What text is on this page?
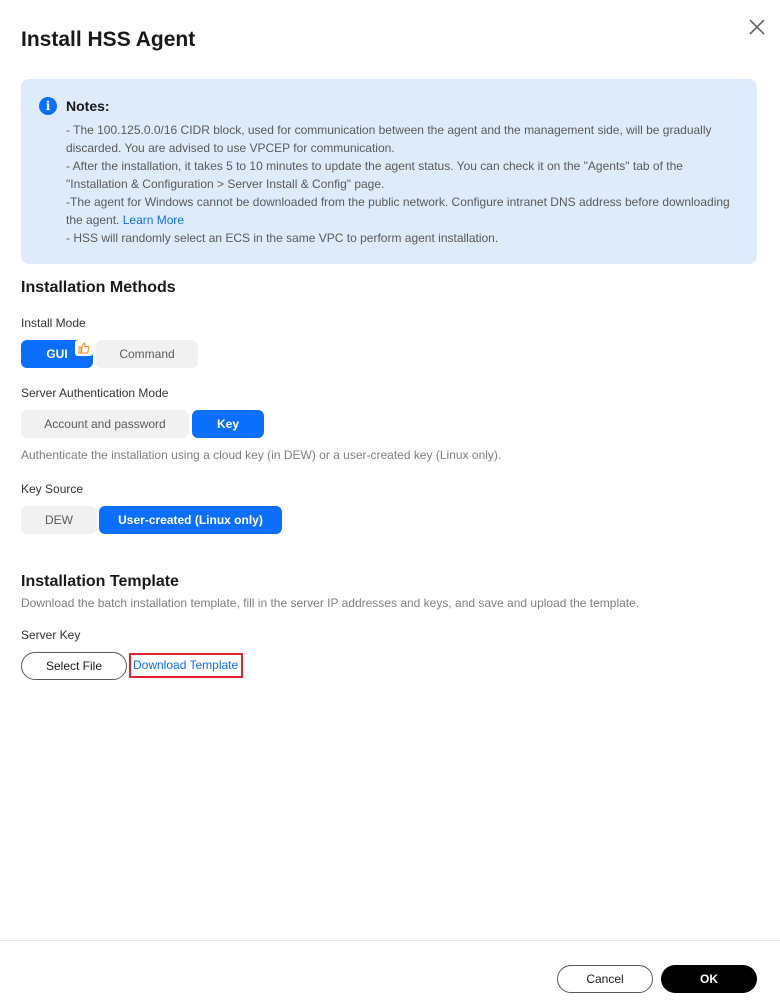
Install HSS Agent
i	Notes:

- The 100.125.0.0/16 CIDR block, used for communication between the agent and the management side, will be gradually discarded. You are advised to use VPCEP for communication.

- After the installation, it takes 5 to 10 minutes to update the agent status. You can check it on the "Agents" tab of the "Installation & Configuration > Server Install & Config" page.

-The agent for Windows cannot be downloaded from the public network. Configure intranet DNS address before downloading the agent. Learn More

- HSS will randomly select an ECS in the same VPC to perform agent installation.

Installation Methods
Install Mode
GUI	Command
Server Authentication Mode
Account and password	Key
Authenticate the installation using a cloud key (in DEW) or a user-created key (Linux only).
Key Source
DEW	User-created (Linux only)
Installation Template
Download the batch installation template, fill in the server IP addresses and keys, and save and upload the template.
Server Key
Select File	Download Template
Cancel	OK
